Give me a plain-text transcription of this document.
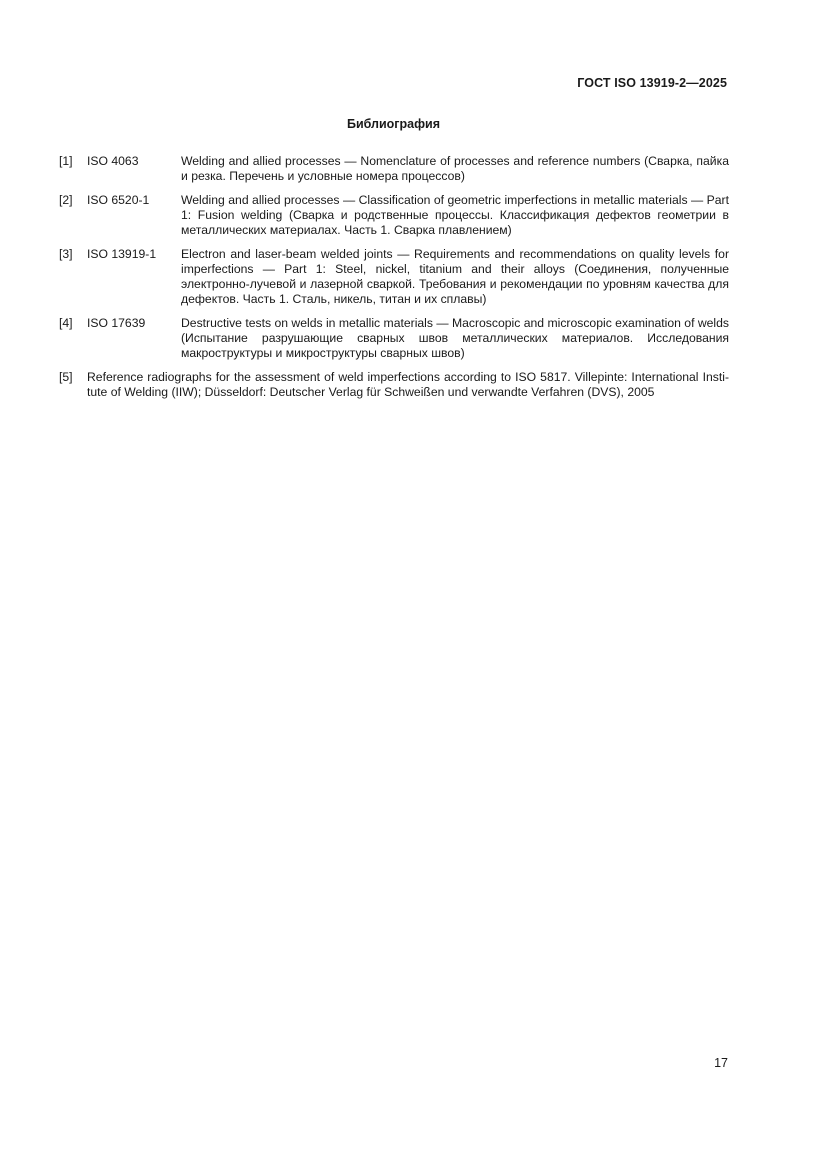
ГОСТ ISO 13919-2—2025
Библиография
[1]	ISO 4063	Welding and allied processes — Nomenclature of processes and reference numbers (Сварка, пайка и резка. Перечень и условные номера процессов)
[2]	ISO 6520-1	Welding and allied processes — Classification of geometric imperfections in metallic materials — Part 1: Fusion welding (Сварка и родственные процессы. Классификация дефектов геометрии в металлических материалах. Часть 1. Сварка плавлением)
[3]	ISO 13919-1	Electron and laser-beam welded joints — Requirements and recommendations on quality levels for imperfections — Part 1: Steel, nickel, titanium and their alloys (Соединения, полученные электронно-лучевой и лазерной сваркой. Требования и рекомендации по уровням качества для дефектов. Часть 1. Сталь, никель, титан и их сплавы)
[4]	ISO 17639	Destructive tests on welds in metallic materials — Macroscopic and microscopic examination of welds (Испытание разрушающие сварных швов металлических материалов. Исследования макроструктуры и микроструктуры сварных швов)
[5]	Reference radiographs for the assessment of weld imperfections according to ISO 5817. Villepinte: International Institute of Welding (IIW); Düsseldorf: Deutscher Verlag für Schweißen und verwandte Verfahren (DVS), 2005
17
